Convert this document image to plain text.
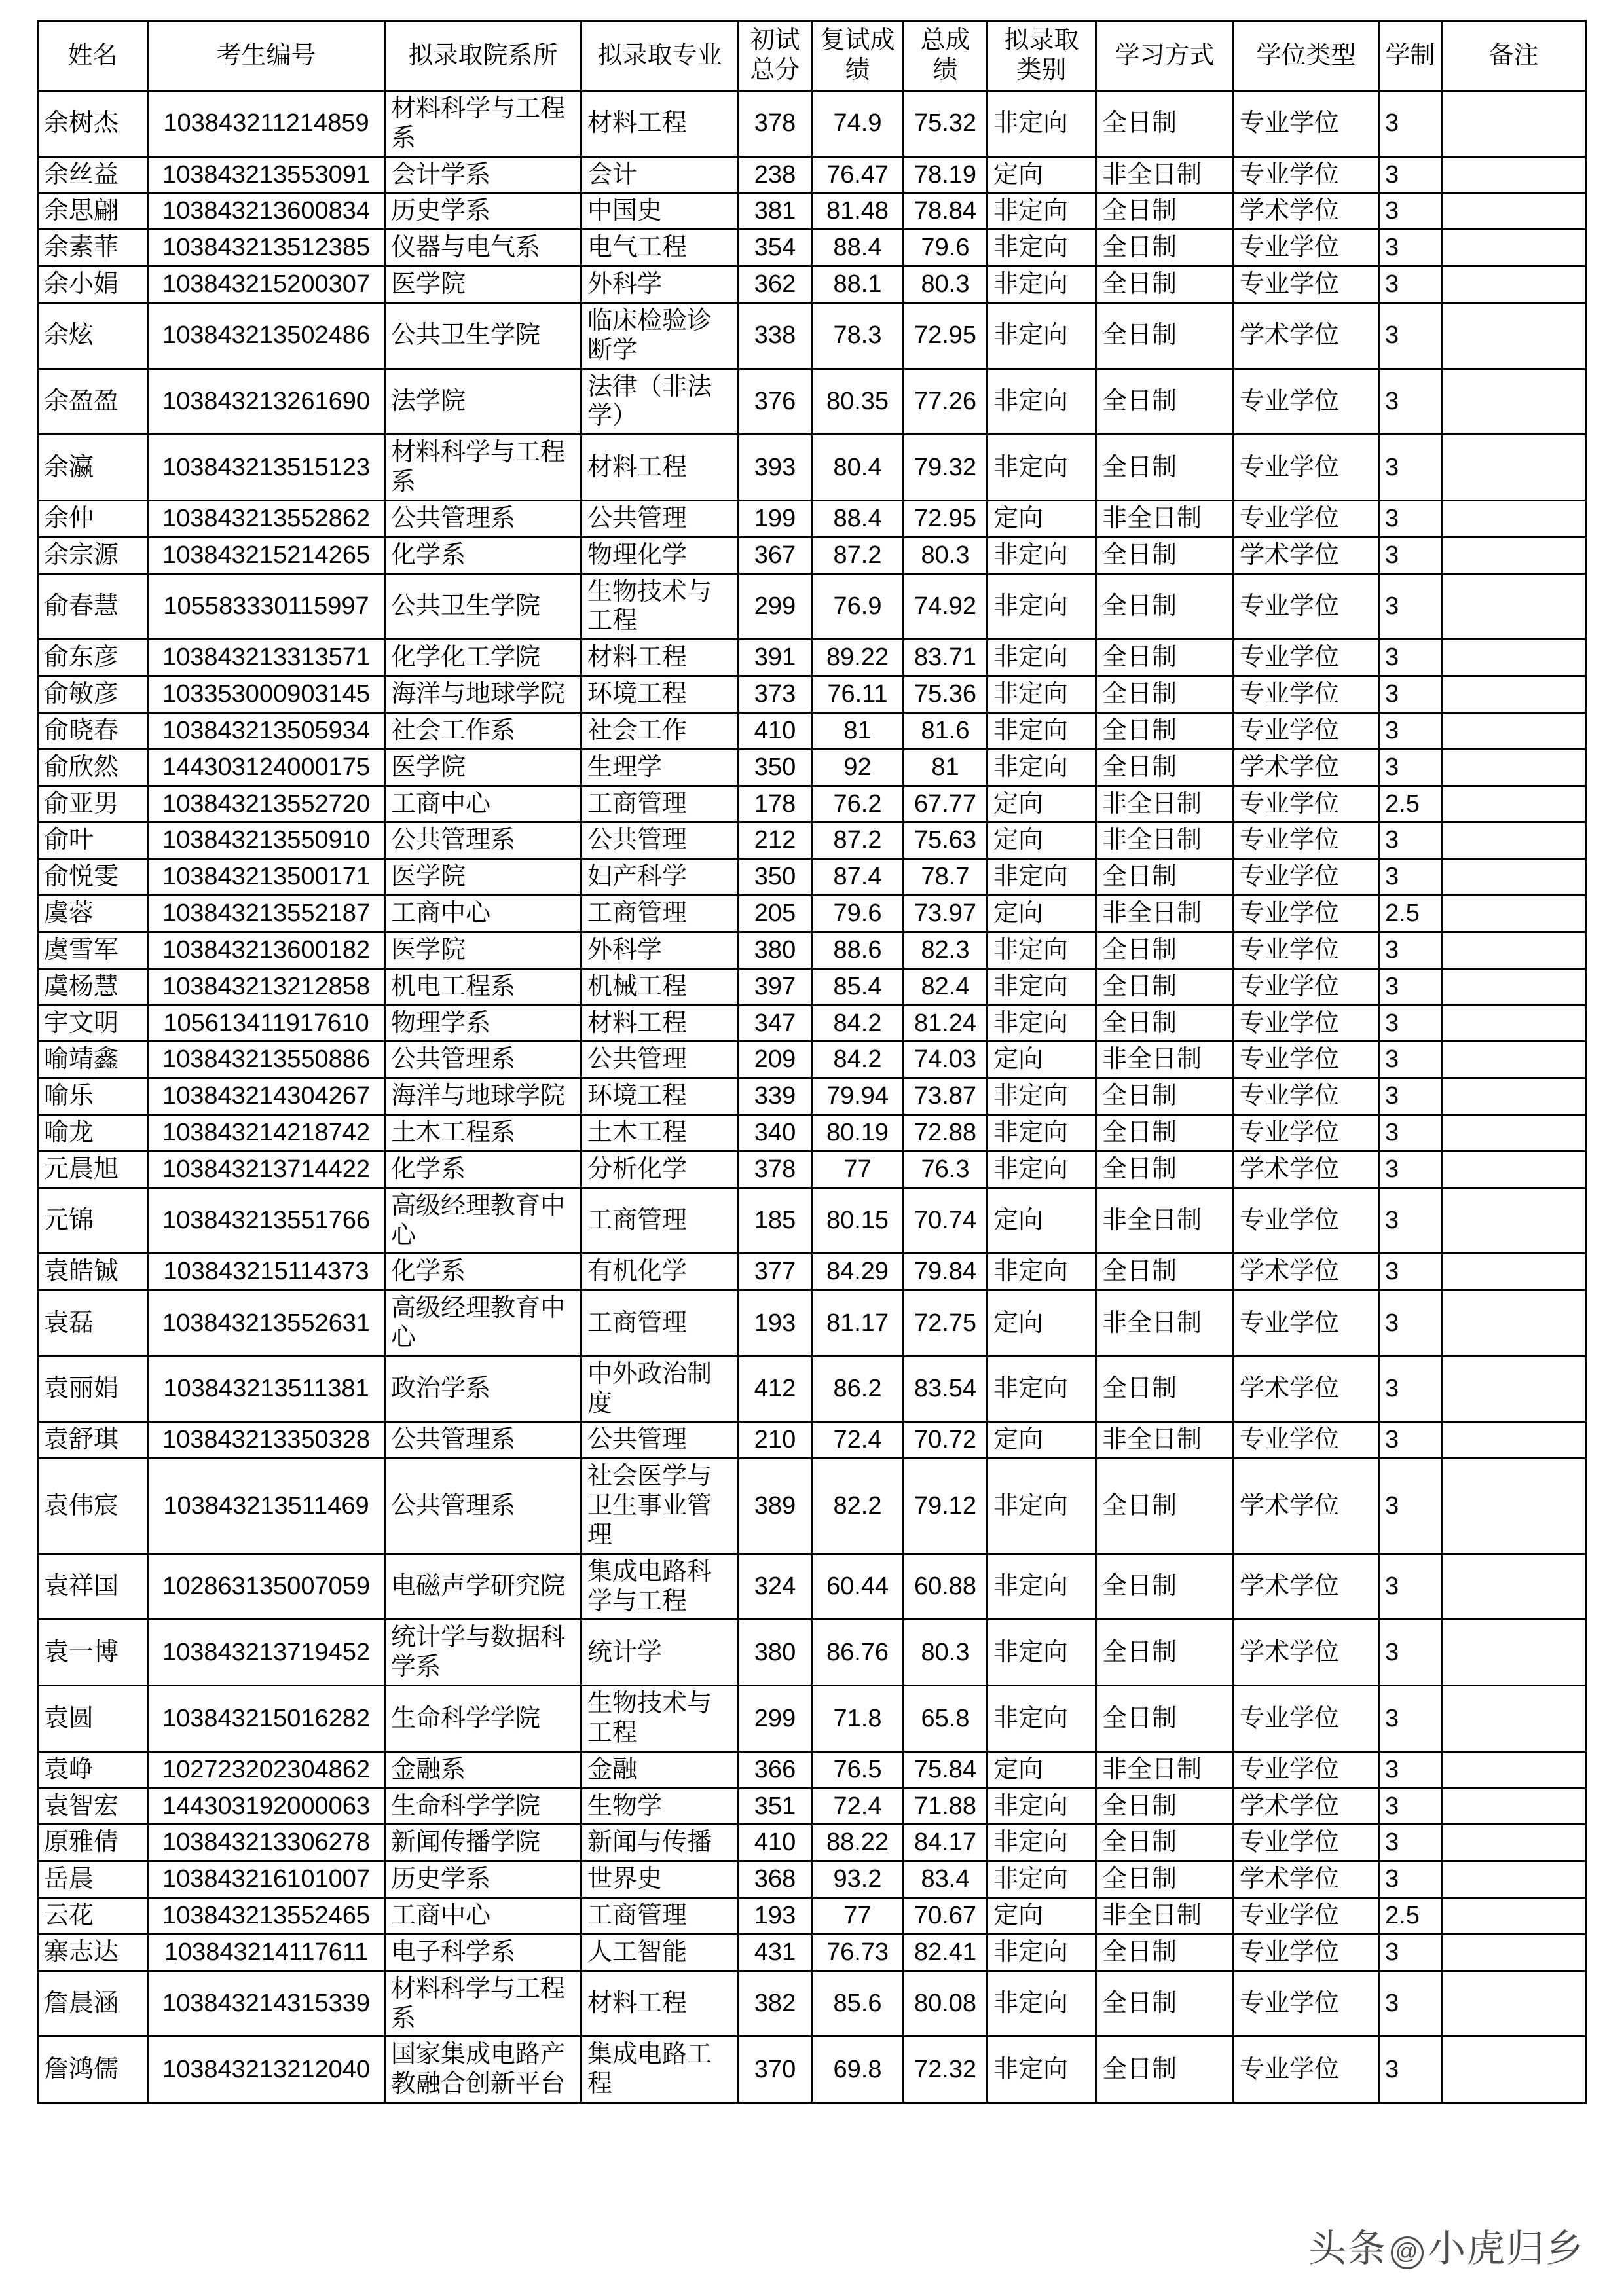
姓名	考生编号	拟录取院系所	拟录取专业	初试总分	复试成绩	总成绩	拟录取类别	学习方式	学位类型	学制	备注
余树杰	103843211214859	材料科学与工程系	材料工程	378	74.9	75.32	非定向	全日制	专业学位	3	
余丝益	103843213553091	会计学系	会计	238	76.47	78.19	定向	非全日制	专业学位	3	
余思翩	103843213600834	历史学系	中国史	381	81.48	78.84	非定向	全日制	学术学位	3	
余素菲	103843213512385	仪器与电气系	电气工程	354	88.4	79.6	非定向	全日制	专业学位	3	
余小娟	103843215200307	医学院	外科学	362	88.1	80.3	非定向	全日制	专业学位	3	
余炫	103843213502486	公共卫生学院	临床检验诊断学	338	78.3	72.95	非定向	全日制	学术学位	3	
余盈盈	103843213261690	法学院	法律（非法学）	376	80.35	77.26	非定向	全日制	专业学位	3	
余瀛	103843213515123	材料科学与工程系	材料工程	393	80.4	79.32	非定向	全日制	专业学位	3	
余仲	103843213552862	公共管理系	公共管理	199	88.4	72.95	定向	非全日制	专业学位	3	
余宗源	103843215214265	化学系	物理化学	367	87.2	80.3	非定向	全日制	学术学位	3	
俞春慧	105583330115997	公共卫生学院	生物技术与工程	299	76.9	74.92	非定向	全日制	专业学位	3	
俞东彦	103843213313571	化学化工学院	材料工程	391	89.22	83.71	非定向	全日制	专业学位	3	
俞敏彦	103353000903145	海洋与地球学院	环境工程	373	76.11	75.36	非定向	全日制	专业学位	3	
俞晓春	103843213505934	社会工作系	社会工作	410	81	81.6	非定向	全日制	专业学位	3	
俞欣然	144303124000175	医学院	生理学	350	92	81	非定向	全日制	学术学位	3	
俞亚男	103843213552720	工商中心	工商管理	178	76.2	67.77	定向	非全日制	专业学位	2.5	
俞叶	103843213550910	公共管理系	公共管理	212	87.2	75.63	定向	非全日制	专业学位	3	
俞悦雯	103843213500171	医学院	妇产科学	350	87.4	78.7	非定向	全日制	专业学位	3	
虞蓉	103843213552187	工商中心	工商管理	205	79.6	73.97	定向	非全日制	专业学位	2.5	
虞雪军	103843213600182	医学院	外科学	380	88.6	82.3	非定向	全日制	专业学位	3	
虞杨慧	103843213212858	机电工程系	机械工程	397	85.4	82.4	非定向	全日制	专业学位	3	
宇文明	105613411917610	物理学系	材料工程	347	84.2	81.24	非定向	全日制	专业学位	3	
喻靖鑫	103843213550886	公共管理系	公共管理	209	84.2	74.03	定向	非全日制	专业学位	3	
喻乐	103843214304267	海洋与地球学院	环境工程	339	79.94	73.87	非定向	全日制	专业学位	3	
喻龙	103843214218742	土木工程系	土木工程	340	80.19	72.88	非定向	全日制	专业学位	3	
元晨旭	103843213714422	化学系	分析化学	378	77	76.3	非定向	全日制	学术学位	3	
元锦	103843213551766	高级经理教育中心	工商管理	185	80.15	70.74	定向	非全日制	专业学位	3	
袁皓铖	103843215114373	化学系	有机化学	377	84.29	79.84	非定向	全日制	学术学位	3	
袁磊	103843213552631	高级经理教育中心	工商管理	193	81.17	72.75	定向	非全日制	专业学位	3	
袁丽娟	103843213511381	政治学系	中外政治制度	412	86.2	83.54	非定向	全日制	学术学位	3	
袁舒琪	103843213350328	公共管理系	公共管理	210	72.4	70.72	定向	非全日制	专业学位	3	
袁伟宸	103843213511469	公共管理系	社会医学与卫生事业管理	389	82.2	79.12	非定向	全日制	学术学位	3	
袁祥国	102863135007059	电磁声学研究院	集成电路科学与工程	324	60.44	60.88	非定向	全日制	学术学位	3	
袁一博	103843213719452	统计学与数据科学系	统计学	380	86.76	80.3	非定向	全日制	学术学位	3	
袁圆	103843215016282	生命科学学院	生物技术与工程	299	71.8	65.8	非定向	全日制	专业学位	3	
袁峥	102723202304862	金融系	金融	366	76.5	75.84	定向	非全日制	专业学位	3	
袁智宏	144303192000063	生命科学学院	生物学	351	72.4	71.88	非定向	全日制	学术学位	3	
原雅倩	103843213306278	新闻传播学院	新闻与传播	410	88.22	84.17	非定向	全日制	专业学位	3	
岳晨	103843216101007	历史学系	世界史	368	93.2	83.4	非定向	全日制	学术学位	3	
云花	103843213552465	工商中心	工商管理	193	77	70.67	定向	非全日制	专业学位	2.5	
寨志达	103843214117611	电子科学系	人工智能	431	76.73	82.41	非定向	全日制	专业学位	3	
詹晨涵	103843214315339	材料科学与工程系	材料工程	382	85.6	80.08	非定向	全日制	专业学位	3	
詹鸿儒	103843213212040	国家集成电路产教融合创新平台	集成电路工程	370	69.8	72.32	非定向	全日制	专业学位	3	
头条 @ 小虎归乡
